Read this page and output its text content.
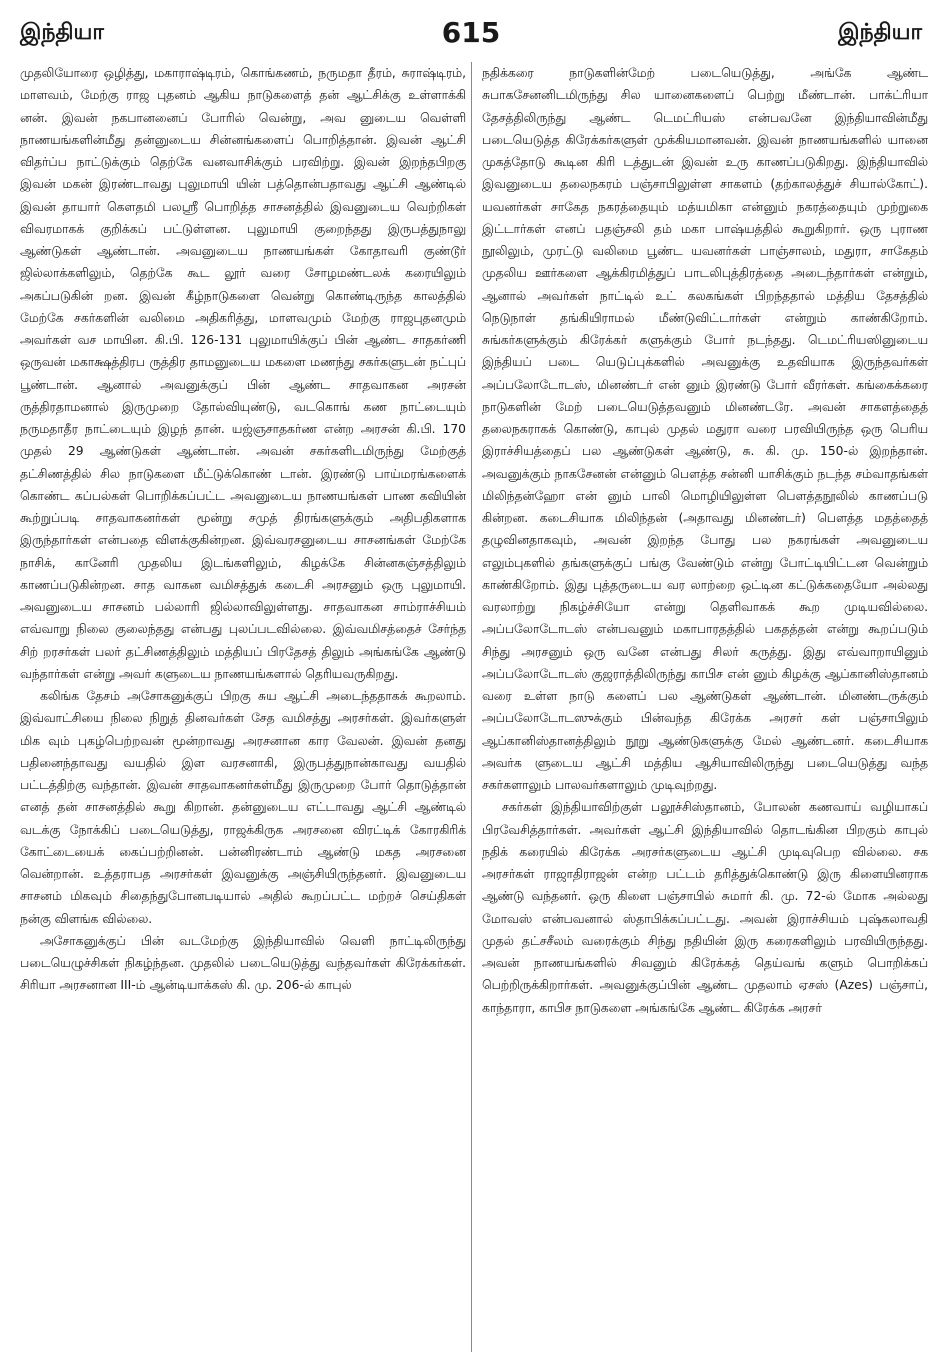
இந்தியா	615	இந்தியா

முதலியோரை ஒழித்து, மகாராஷ்டிரம், கொங்கணம், நருமதா தீரம், சுராஷ்டிரம், மாளவம், மேற்கு ராஜ புதனம் ஆகிய நாடுகளைத் தன் ஆட்சிக்கு உள்ளாக்கி னன். இவன் நகபானனைப் போரில் வென்று, அவ னுடைய வெள்ளி நாணயங்களின்மீது தன்னுடைய சின்னங்களைப் பொறித்தான். இவன் ஆட்சி விதர்ப்ப நாட்டுக்கும் தெற்கே வனவாசிக்கும் பரவிற்று. இவன் இறந்தபிறகு இவன் மகன் இரண்டாவது புலுமாயி யின் பத்தொன்பதாவது ஆட்சி ஆண்டில் இவன் தாயார் கௌதமி பலஸ்ரீ பொறித்த சாசனத்தில் இவனுடைய வெற்றிகள் விவரமாகக் குறிக்கப் பட்டுள்ளன. புலுமாயி குறைந்தது இருபத்துநாலு ஆண்டுகள் ஆண்டான். அவனுடைய நாணயங்கள் கோதாவரி குண்டூர் ஜில்லாக்களிலும், தெற்கே கூட லூர் வரை சோழமண்டலக் கரையிலும் அகப்படுகின் றன. இவன் கீழ்நாடுகளை வென்று கொண்டிருந்த காலத்தில் மேற்கே சகர்களின் வலிமை அதிகரித்து, மாளவமும் மேற்கு ராஜபுதனமும் அவர்கள் வச மாயின. கி.பி. 126-131 புலுமாயிக்குப் பின் ஆண்ட சாதகர்ணி ஒருவன் மகாக்ஷத்திரப ருத்திர தாமனுடைய மகளை மணந்து சகர்களுடன் நட்புப் பூண்டான். ஆனால் அவனுக்குப் பின் ஆண்ட சாதவாகன அரசன் ருத்திரதாமனால் இருமுறை தோல்வியுண்டு, வடகொங் கண நாட்டையும் நருமதாதீர நாட்டையும் இழந் தான். யஜ்ஞசாதகர்ண என்ற அரசன் கி.பி. 170 முதல் 29 ஆண்டுகள் ஆண்டான். அவன் சகர்களிடமிருந்து மேற்குத் தட்சிணத்தில் சில நாடுகளை மீட்டுக்கொண் டான். இரண்டு பாய்மரங்களைக் கொண்ட கப்பல்கள் பொறிக்கப்பட்ட அவனுடைய நாணயங்கள் பாண கவியின் கூற்றுப்படி சாதவாகனர்கள் மூன்று சமுத் திரங்களுக்கும் அதிபதிகளாக இருந்தார்கள் என்பதை விளக்குகின்றன. இவ்வரசனுடைய சாசனங்கள் மேற்கே நாசிக், கானேரி முதலிய இடங்களிலும், கிழக்கே சின்னகஞ்சத்திலும் காணப்படுகின்றன. சாத வாகன வமிசத்துக் கடைசி அரசனும் ஒரு புலுமாயி. அவனுடைய சாசனம் பல்லாரி ஜில்லாவிலுள்ளது. சாதவாகன சாம்ராச்சியம் எவ்வாறு நிலை குலைந்தது என்பது புலப்படவில்லை. இவ்வமிசத்தைச் சேர்ந்த சிற் றரசர்கள் பலர் தட்சிணத்திலும் மத்தியப் பிரதேசத் திலும் அங்கங்கே ஆண்டு வந்தார்கள் என்று அவர் களுடைய நாணயங்களால் தெரியவருகிறது.

கலிங்க தேசம் அசோகனுக்குப் பிறகு சுய ஆட்சி அடைந்ததாகக் கூறலாம். இவ்வாட்சியை நிலை நிறுத் தினவர்கள் சேத வமிசத்து அரசர்கள். இவர்களுள் மிக வும் புகழ்பெற்றவன் மூன்றாவது அரசனான கார வேலன். இவன் தனது பதினைந்தாவது வயதில் இள வரசனாகி, இருபத்துநான்காவது வயதில் பட்டத்திற்கு வந்தான். இவன் சாதவாகனர்கள்மீது இருமுறை போர் தொடுத்தான் எனத் தன் சாசனத்தில் கூறு கிறான். தன்னுடைய எட்டாவது ஆட்சி ஆண்டில் வடக்கு நோக்கிப் படையெடுத்து, ராஜக்கிருக அரசனை விரட்டிக் கோரகிரிக் கோட்டையைக் கைப்பற்றினன். பன்னிரண்டாம் ஆண்டு மகத அரசனை வென்றான். உத்தராபத அரசர்கள் இவனுக்கு அஞ்சியிருந்தனர். இவனுடைய சாசனம் மிகவும் சிதைந்துபோனபடியால் அதில் கூறப்பட்ட மற்றச் செய்திகள் நன்கு விளங்க வில்லை.

அசோகனுக்குப் பின் வடமேற்கு இந்தியாவில் வெளி நாட்டிலிருந்து படையெழுச்சிகள் நிகழ்ந்தன. முதலில் படையெடுத்து வந்தவர்கள் கிரேக்கர்கள். சிரியா அரசனான III-ம் ஆன்டியாக்கஸ் கி. மு. 206-ல் காபுல்

நதிக்கரை நாடுகளின்மேற் படையெடுத்து, அங்கே ஆண்ட சுபாகசேனனிடமிருந்து சில யானைகளைப் பெற்று மீண்டான். பாக்ட்ரியா தேசத்திலிருந்து ஆண்ட டெமட்ரியஸ் என்பவனே இந்தியாவின்மீது படையெடுத்த கிரேக்கர்களுள் முக்கியமானவன். இவன் நாணயங்களில் யானை முகத்தோடு கூடின கிரி டத்துடன் இவன் உரு காணப்படுகிறது. இந்தியாவில் இவனுடைய தலைநகரம் பஞ்சாபிலுள்ள சாகளம் (தற்காலத்துச் சியால்கோட்). யவனர்கள் சாகேத நகரத்தையும் மத்யமிகா என்னும் நகரத்தையும் முற்றுகை இட்டார்கள் எனப் பதஞ்சலி தம் மகா பாஷ்யத்தில் கூறுகிறார். ஒரு புராண நூலிலும், முரட்டு வலிமை பூண்ட யவனர்கள் பாஞ்சாலம், மதுரா, சாகேதம் முதலிய ஊர்களை ஆக்கிரமித்துப் பாடலிபுத்திரத்தை அடைந்தார்கள் என்றும், ஆனால் அவர்கள் நாட்டில் உட் கலகங்கள் பிறந்ததால் மத்திய தேசத்தில் நெடுநாள் தங்கியிராமல் மீண்டுவிட்டார்கள் என்றும் காண்கிறோம். சுங்கர்களுக்கும் கிரேக்கர் களுக்கும் போர் நடந்தது. டெமட்ரியஸினுடைய இந்தியப் படை யெடுப்புக்களில் அவனுக்கு உதவியாக இருந்தவர்கள் அப்பலோடோடஸ், மினண்டர் என் னும் இரண்டு போர் வீரர்கள். கங்கைக்கரை நாடுகளின் மேற் படையெடுத்தவனும் மினண்டரே. அவன் சாகளத்தைத் தலைநகராகக் கொண்டு, காபுல் முதல் மதுரா வரை பரவியிருந்த ஒரு பெரிய இராச்சியத்தைப் பல ஆண்டுகள் ஆண்டு, சு. கி. மு. 150-ல் இறந்தான். அவனுக்கும் நாகசேனன் என்னும் பௌத்த சன்னி யாசிக்கும் நடந்த சம்வாதங்கள் மிலிந்தன்ஹோ என் னும் பாலி மொழியிலுள்ள பௌத்தநூலில் காணப்படு கின்றன. கடைசியாக மிலிந்தன் (அதாவது மினண்டர்) பௌத்த மதத்தைத் தழுவினதாகவும், அவன் இறந்த போது பல நகரங்கள் அவனுடைய எலும்புகளில் தங்களுக்குப் பங்கு வேண்டும் என்று போட்டியிட்டன வென்றும் காண்கிறோம். இது புத்தருடைய வர லாற்றை ஒட்டின கட்டுக்கதையோ அல்லது வரலாற்று நிகழ்ச்சியோ என்று தெளிவாகக் கூற முடியவில்லை. அப்பலோடோடஸ் என்பவனும் மகாபாரதத்தில் பகதத்தன் என்று கூறப்படும் சிந்து அரசனும் ஒரு வனே என்பது சிலர் கருத்து. இது எவ்வாறாயினும் அப்பலோடோடஸ் குஜராத்திலிருந்து காபிச என் னும் கிழக்கு ஆப்கானிஸ்தானம் வரை உள்ள நாடு களைப் பல ஆண்டுகள் ஆண்டான். மினண்டருக்கும் அப்பலோடோடஸுக்கும் பின்வந்த கிரேக்க அரசர் கள் பஞ்சாபிலும் ஆப்கானிஸ்தானத்திலும் நூறு ஆண்டுகளுக்கு மேல் ஆண்டனர். கடைசியாக அவர்க ளுடைய ஆட்சி மத்திய ஆசியாவிலிருந்து படையெடுத்து வந்த சகர்களாலும் பாலவர்களாலும் முடிவுற்றது.

சகர்கள் இந்தியாவிற்குள் பலூச்சிஸ்தானம், போலன் கணவாய் வழியாகப் பிரவேசித்தார்கள். அவர்கள் ஆட்சி இந்தியாவில் தொடங்கின பிறகும் காபுல் நதிக் கரையில் கிரேக்க அரசர்களுடைய ஆட்சி முடிவுபெற வில்லை. சக அரசர்கள் ராஜாதிராஜன் என்ற பட்டம் தரித்துக்கொண்டு இரு கிளையினராக ஆண்டு வந்தனர். ஒரு கிளை பஞ்சாபில் சுமார் கி. மு. 72-ல் மோக அல்லது மோவஸ் என்பவனால் ஸ்தாபிக்கப்பட்டது. அவன் இராச்சியம் புஷ்கலாவதி முதல் தட்சசீலம் வரைக்கும் சிந்து நதியின் இரு கரைகளிலும் பரவியிருந்தது. அவன் நாணயங்களில் சிவனும் கிரேக்கத் தெய்வங் களும் பொறிக்கப் பெற்றிருக்கிறார்கள். அவனுக்குப்பின் ஆண்ட முதலாம் ஏசஸ் (Azes) பஞ்சாப், காந்தாரா, காபிச நாடுகளை அங்கங்கே ஆண்ட கிரேக்க அரசர்
